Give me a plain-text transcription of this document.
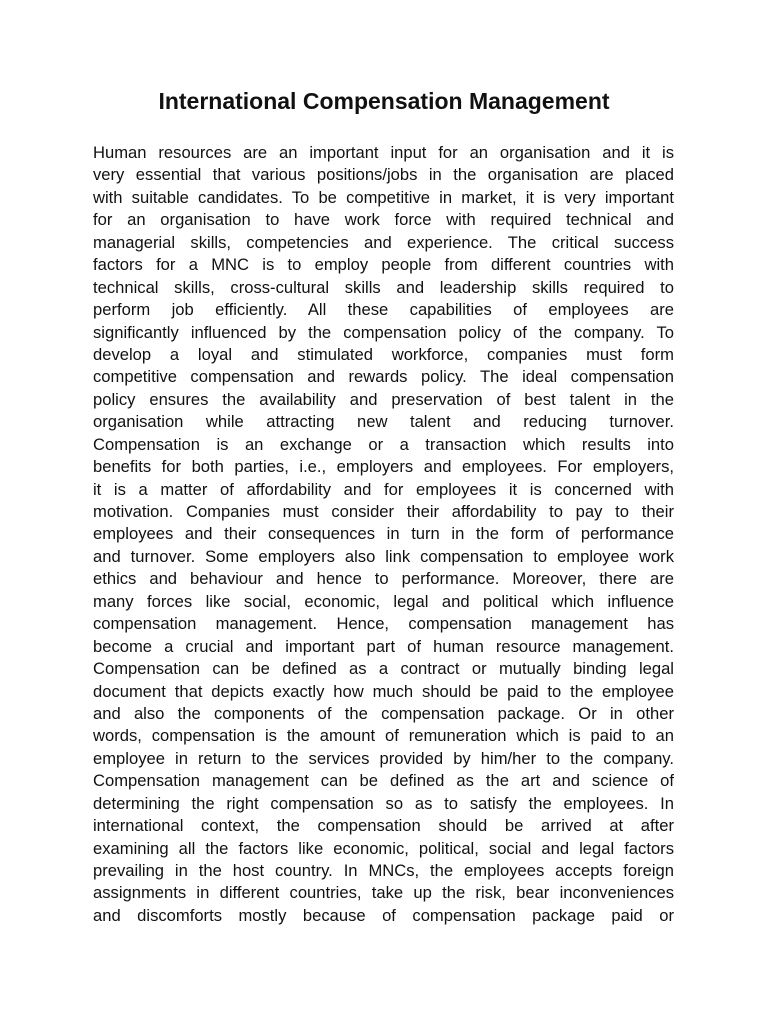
International Compensation Management
Human resources are an important input for an organisation and it is
very essential that various positions/jobs in the organisation are placed
with suitable candidates. To be competitive in market, it is very important
for an organisation to have work force with required technical and
managerial skills, competencies and experience. The critical success
factors for a MNC is to employ people from different countries with
technical skills, cross-cultural skills and leadership skills required to
perform job efficiently. All these capabilities of employees are
significantly influenced by the compensation policy of the company. To
develop a loyal and stimulated workforce, companies must form
competitive compensation and rewards policy. The ideal compensation
policy ensures the availability and preservation of best talent in the
organisation while attracting new talent and reducing turnover.
Compensation is an exchange or a transaction which results into
benefits for both parties, i.e., employers and employees. For employers,
it is a matter of affordability and for employees it is concerned with
motivation. Companies must consider their affordability to pay to their
employees and their consequences in turn in the form of performance
and turnover. Some employers also link compensation to employee work
ethics and behaviour and hence to performance. Moreover, there are
many forces like social, economic, legal and political which influence
compensation management. Hence, compensation management has
become a crucial and important part of human resource management.
Compensation can be defined as a contract or mutually binding legal
document that depicts exactly how much should be paid to the employee
and also the components of the compensation package. Or in other
words, compensation is the amount of remuneration which is paid to an
employee in return to the services provided by him/her to the company.
Compensation management can be defined as the art and science of
determining the right compensation so as to satisfy the employees. In
international context, the compensation should be arrived at after
examining all the factors like economic, political, social and legal factors
prevailing in the host country. In MNCs, the employees accepts foreign
assignments in different countries, take up the risk, bear inconveniences
and discomforts mostly because of compensation package paid or
